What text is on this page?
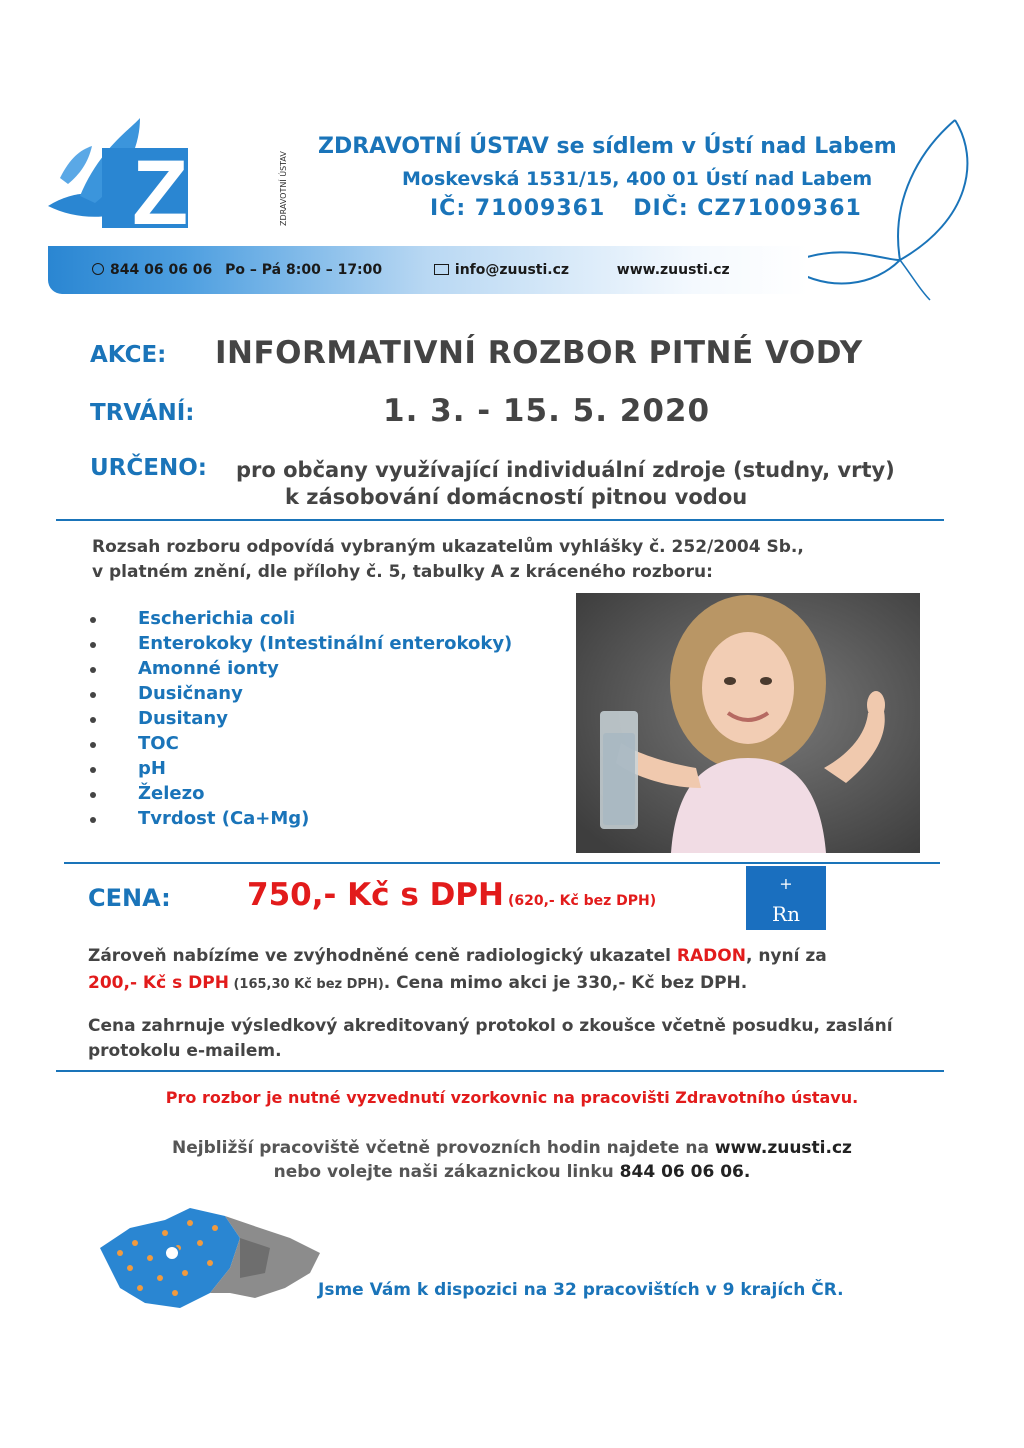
ZÚ	ZDRAVOTNÍ ÚSTAV
ZDRAVOTNÍ ÚSTAV se sídlem v Ústí nad Labem
Moskevská 1531/15, 400 01 Ústí nad Labem
IČ: 71009361 DIČ: CZ71009361
844 06 06 06 Po – Pá 8:00 – 17:00	info@zuusti.cz	www.zuusti.cz
AKCE: INFORMATIVNÍ ROZBOR PITNÉ VODY
TRVÁNÍ:	1. 3. - 15. 5. 2020
URČENO: pro občany využívající individuální zdroje (studny, vrty)
k zásobování domácností pitnou vodou
Rozsah rozboru odpovídá vybraným ukazatelům vyhlášky č. 252/2004 Sb.,
v platném znění, dle přílohy č. 5, tabulky A z kráceného rozboru:
Escherichia coli
Enterokoky (Intestinální enterokoky)
Amonné ionty
Dusičnany
Dusitany
TOC
pH
Železo
Tvrdost (Ca+Mg)
CENA: 750,- Kč s DPH (620,- Kč bez DPH)
+
Rn
Zároveň nabízíme ve zvýhodněné ceně radiologický ukazatel RADON, nyní za
200,- Kč s DPH (165,30 Kč bez DPH). Cena mimo akci je 330,- Kč bez DPH.
Cena zahrnuje výsledkový akreditovaný protokol o zkoušce včetně posudku, zaslání protokolu e-mailem.
Pro rozbor je nutné vyzvednutí vzorkovnic na pracovišti Zdravotního ústavu.
Nejbližší pracoviště včetně provozních hodin najdete na www.zuusti.cz
nebo volejte naši zákaznickou linku 844 06 06 06.
Jsme Vám k dispozici na 32 pracovištích v 9 krajích ČR.
